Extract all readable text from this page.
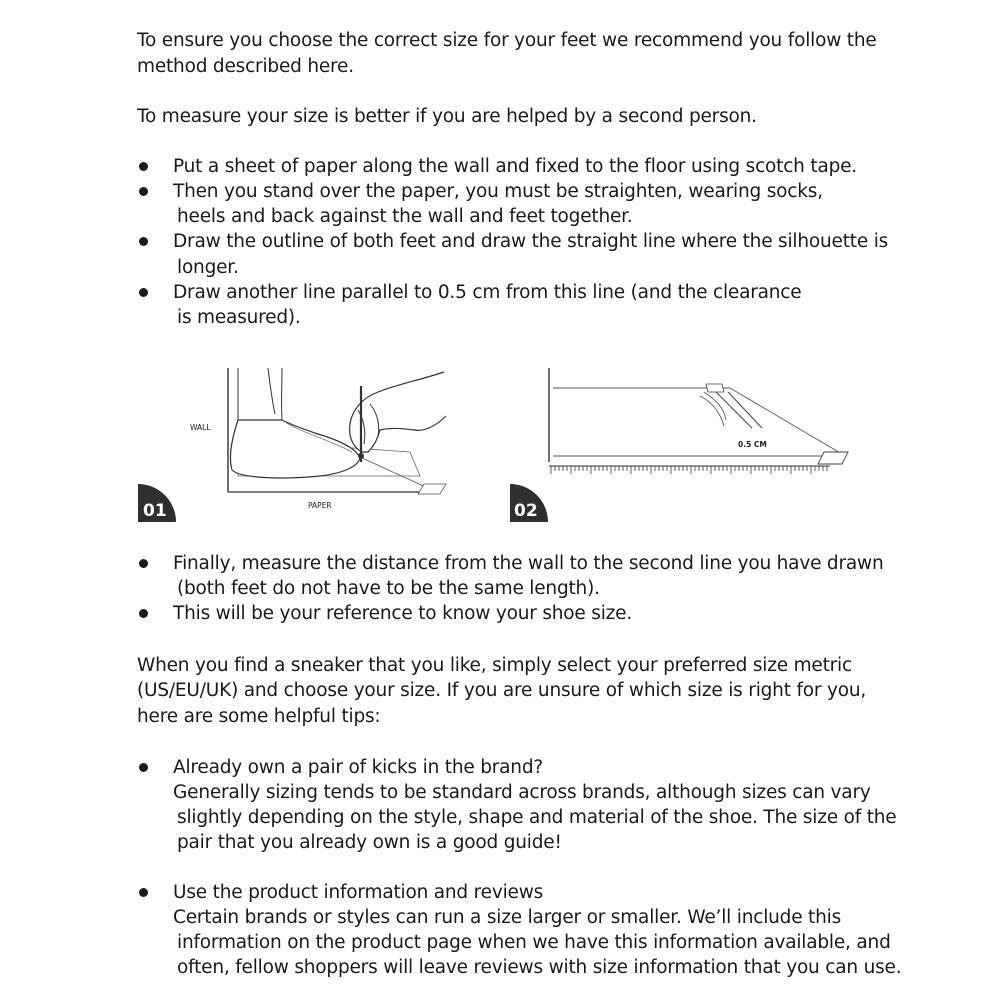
To ensure you choose the correct size for your feet we recommend you follow the
method described here.
To measure your size is better if you are helped by a second person.
Put a sheet of paper along the wall and fixed to the floor using scotch tape.
Then you stand over the paper, you must be straighten, wearing socks,
heels and back against the wall and feet together.
Draw the outline of both feet and draw the straight line where the silhouette is
longer.
Draw another line parallel to 0.5 cm from this line (and the clearance
is measured).
WALL
PAPER
01
0.5 CM
02
Finally, measure the distance from the wall to the second line you have drawn
(both feet do not have to be the same length).
This will be your reference to know your shoe size.
When you find a sneaker that you like, simply select your preferred size metric
(US/EU/UK) and choose your size. If you are unsure of which size is right for you,
here are some helpful tips:
Already own a pair of kicks in the brand?
Generally sizing tends to be standard across brands, although sizes can vary
slightly depending on the style, shape and material of the shoe. The size of the
pair that you already own is a good guide!
Use the product information and reviews
Certain brands or styles can run a size larger or smaller. We’ll include this
information on the product page when we have this information available, and
often, fellow shoppers will leave reviews with size information that you can use.
